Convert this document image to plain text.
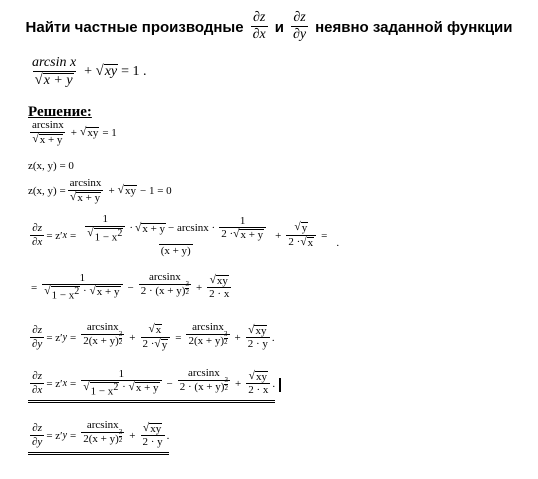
Найти частные производные $\frac{\partial z}{\partial x}$ и $\frac{\partial z}{\partial y}$ неявно заданной функции
$\frac{\text{arcsin x}}{√ x + y}$ + √ xy = 1 .
Решение:
$\frac{\arcsin x}{√ x + y}$ + √ xy = 1
z(x, y) = 0
z(x, $y) = \frac{\arcsin x}{√ x + y}$ + √ xy − 1 = 0
$\frac{\partial z}{\partial x} = z'$ $x = \frac{1}{√ 1 - x^2}$ · √ $x + y - \arcsin x \cdot \frac{1}{2 \cdot √ x + y}$
(x + y)
+ $\frac{√ y}{2 \cdot √ x}$ =
.
= $\frac{1}{√ 1 - x^2 \cdot √ x + y} - \frac{\arcsin x}{2 \cdot (x + y) \frac{3}{2}} + \frac{√ xy}{2 \cdot x}$
$\frac{\partial z}{\partial y} = z'$ $y = \frac{\arcsin x}{2(x + y) \frac{3}{2}} + \frac{√ x}{2 \cdot √ y} = \frac{\arcsin x}{2(x + y) \frac{3}{2}} + \frac{√ xy}{2 \cdot y}$ .
$\frac{\partial z}{\partial x} = z'$ $x = \frac{1}{√ 1 - x^2 \cdot √ x + y} - \frac{\arcsin x}{2 \cdot (x + y) \frac{3}{2}} + \frac{√ xy}{2 \cdot x}$ .
$\frac{\partial z}{\partial y} = z'$ $y = \frac{\arcsin x}{2(x + y) \frac{3}{2}} + \frac{√ xy}{2 \cdot y}$ .
